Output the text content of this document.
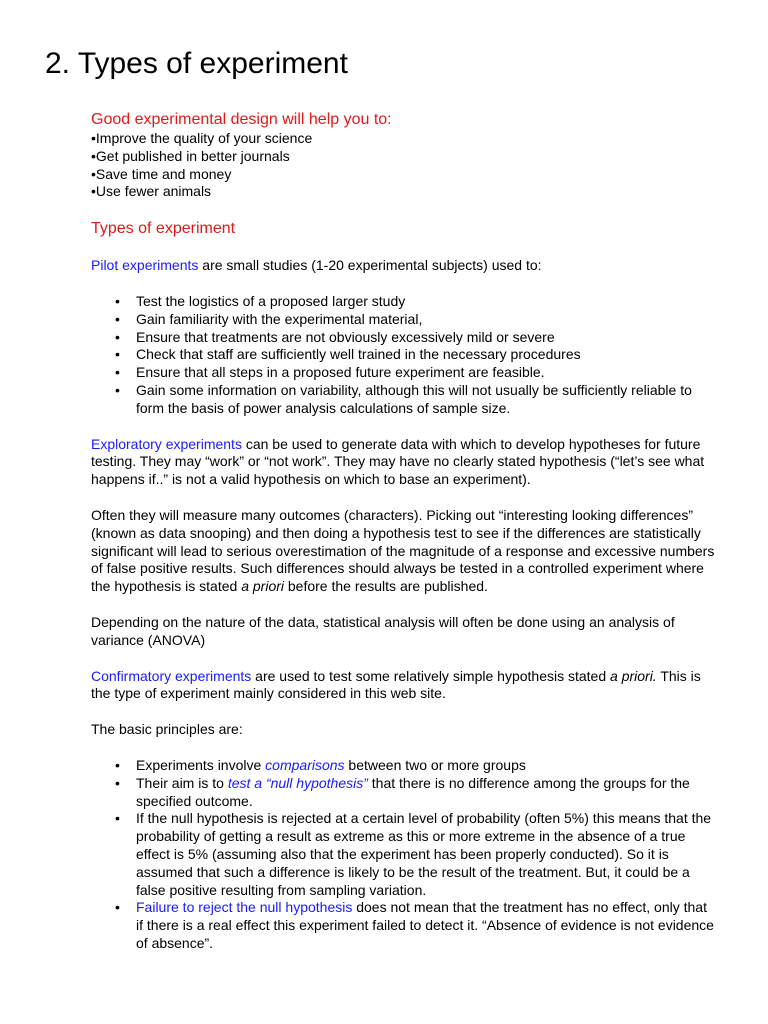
2. Types of experiment

Good experimental design will help you to:

• Improve the quality of your science
• Get published in better journals
• Save time and money
• Use fewer animals

Types of experiment

Pilot experiments are small studies (1-20 experimental subjects) used to:

• Test the logistics of a proposed larger study
• Gain familiarity with the experimental material,
• Ensure that treatments are not obviously excessively mild or severe
• Check that staff are sufficiently well trained in the necessary procedures
• Ensure that all steps in a proposed future experiment are feasible.
• Gain some information on variability, although this will not usually be sufficiently reliable to form the basis of power analysis calculations of sample size.

Exploratory experiments can be used to generate data with which to develop hypotheses for future testing. They may “work” or “not work”. They may have no clearly stated hypothesis (“let’s see what happens if..” is not a valid hypothesis on which to base an experiment).

Often they will measure many outcomes (characters). Picking out “interesting looking differences” (known as data snooping) and then doing a hypothesis test to see if the differences are statistically significant will lead to serious overestimation of the magnitude of a response and excessive numbers of false positive results. Such differences should always be tested in a controlled experiment where the hypothesis is stated a priori before the results are published.

Depending on the nature of the data, statistical analysis will often be done using an analysis of variance (ANOVA)

Confirmatory experiments are used to test some relatively simple hypothesis stated a priori. This is the type of experiment mainly considered in this web site.

The basic principles are:

• Experiments involve comparisons between two or more groups
• Their aim is to test a “null hypothesis” that there is no difference among the groups for the specified outcome.
• If the null hypothesis is rejected at a certain level of probability (often 5%) this means that the probability of getting a result as extreme as this or more extreme in the absence of a true effect is 5% (assuming also that the experiment has been properly conducted). So it is assumed that such a difference is likely to be the result of the treatment. But, it could be a false positive resulting from sampling variation.
• Failure to reject the null hypothesis does not mean that the treatment has no effect, only that if there is a real effect this experiment failed to detect it. “Absence of evidence is not evidence of absence”.
